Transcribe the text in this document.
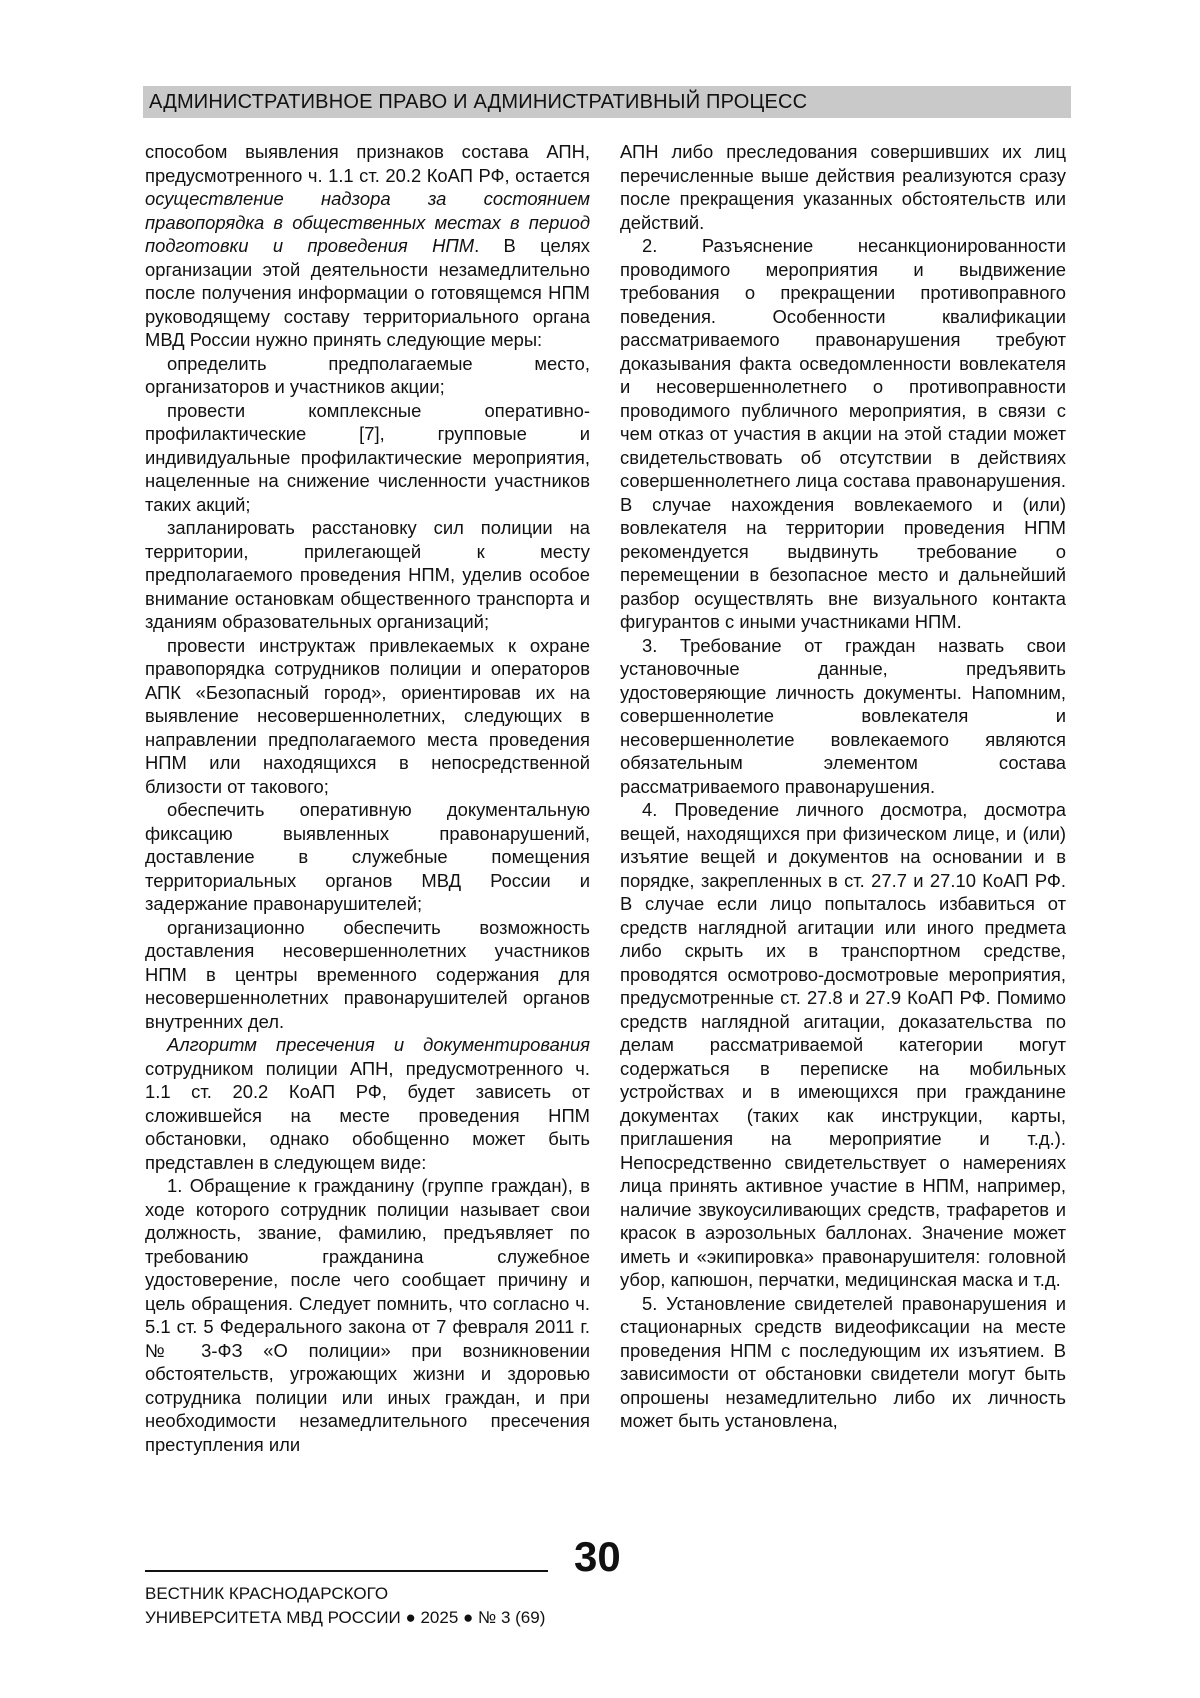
АДМИНИСТРАТИВНОЕ ПРАВО И АДМИНИСТРАТИВНЫЙ ПРОЦЕСС

способом выявления признаков состава АПН, предусмотренного ч. 1.1 ст. 20.2 КоАП РФ, остается осуществление надзора за состоянием правопорядка в общественных местах в период подготовки и проведения НПМ. В целях организации этой деятельности незамедлительно после получения информации о готовящемся НПМ руководящему составу территориального органа МВД России нужно принять следующие меры:

определить предполагаемые место, организаторов и участников акции;

провести комплексные оперативно-профилактические [7], групповые и индивидуальные профилактические мероприятия, нацеленные на снижение численности участников таких акций;

запланировать расстановку сил полиции на территории, прилегающей к месту предполагаемого проведения НПМ, уделив особое внимание остановкам общественного транспорта и зданиям образовательных организаций;

провести инструктаж привлекаемых к охране правопорядка сотрудников полиции и операторов АПК «Безопасный город», ориентировав их на выявление несовершеннолетних, следующих в направлении предполагаемого места проведения НПМ или находящихся в непосредственной близости от такового;

обеспечить оперативную документальную фиксацию выявленных правонарушений, доставление в служебные помещения территориальных органов МВД России и задержание правонарушителей;

организационно обеспечить возможность доставления несовершеннолетних участников НПМ в центры временного содержания для несовершеннолетних правонарушителей органов внутренних дел.

Алгоритм пресечения и документирования сотрудником полиции АПН, предусмотренного ч. 1.1 ст. 20.2 КоАП РФ, будет зависеть от сложившейся на месте проведения НПМ обстановки, однако обобщенно может быть представлен в следующем виде:

1. Обращение к гражданину (группе граждан), в ходе которого сотрудник полиции называет свои должность, звание, фамилию, предъявляет по требованию гражданина служебное удостоверение, после чего сообщает причину и цель обращения. Следует помнить, что согласно ч. 5.1 ст. 5 Федерального закона от 7 февраля 2011 г. № 3-ФЗ «О полиции» при возникновении обстоятельств, угрожающих жизни и здоровью сотрудника полиции или иных граждан, и при необходимости незамедлительного пресечения преступления или

АПН либо преследования совершивших их лиц перечисленные выше действия реализуются сразу после прекращения указанных обстоятельств или действий.

2. Разъяснение несанкционированности проводимого мероприятия и выдвижение требования о прекращении противоправного поведения. Особенности квалификации рассматриваемого правонарушения требуют доказывания факта осведомленности вовлекателя и несовершеннолетнего о противоправности проводимого публичного мероприятия, в связи с чем отказ от участия в акции на этой стадии может свидетельствовать об отсутствии в действиях совершеннолетнего лица состава правонарушения. В случае нахождения вовлекаемого и (или) вовлекателя на территории проведения НПМ рекомендуется выдвинуть требование о перемещении в безопасное место и дальнейший разбор осуществлять вне визуального контакта фигурантов с иными участниками НПМ.

3. Требование от граждан назвать свои установочные данные, предъявить удостоверяющие личность документы. Напомним, совершеннолетие вовлекателя и несовершеннолетие вовлекаемого являются обязательным элементом состава рассматриваемого правонарушения.

4. Проведение личного досмотра, досмотра вещей, находящихся при физическом лице, и (или) изъятие вещей и документов на основании и в порядке, закрепленных в ст. 27.7 и 27.10 КоАП РФ. В случае если лицо попыталось избавиться от средств наглядной агитации или иного предмета либо скрыть их в транспортном средстве, проводятся осмотрово-досмотровые мероприятия, предусмотренные ст. 27.8 и 27.9 КоАП РФ. Помимо средств наглядной агитации, доказательства по делам рассматриваемой категории могут содержаться в переписке на мобильных устройствах и в имеющихся при гражданине документах (таких как инструкции, карты, приглашения на мероприятие и т.д.). Непосредственно свидетельствует о намерениях лица принять активное участие в НПМ, например, наличие звукоусиливающих средств, трафаретов и красок в аэрозольных баллонах. Значение может иметь и «экипировка» правонарушителя: головной убор, капюшон, перчатки, медицинская маска и т.д.

5. Установление свидетелей правонарушения и стационарных средств видеофиксации на месте проведения НПМ с последующим их изъятием. В зависимости от обстановки свидетели могут быть опрошены незамедлительно либо их личность может быть установлена,

30
ВЕСТНИК КРАСНОДАРСКОГО
УНИВЕРСИТЕТА МВД РОССИИ ● 2025 ● № 3 (69)
